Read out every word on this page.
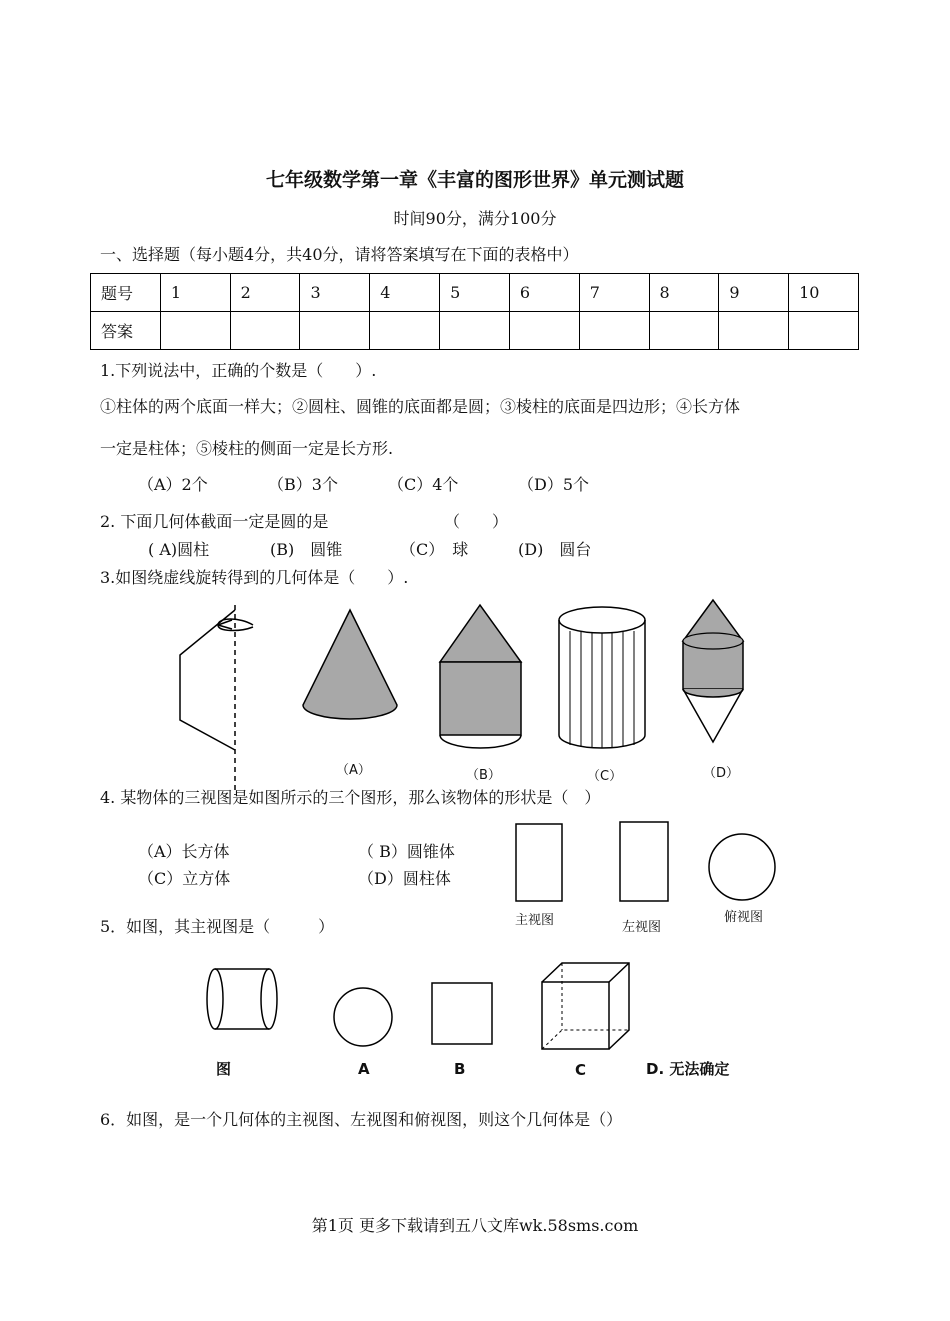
七年级数学第一章《丰富的图形世界》单元测试题
时间90分，满分100分
一、选择题（每小题4分，共40分，请将答案填写在下面的表格中）
题号	1	2	3	4	5	6	7	8	9	10
答案										
1.下列说法中，正确的个数是（　　）.
①柱体的两个底面一样大；②圆柱、圆锥的底面都是圆；③棱柱的底面是四边形；④长方体
一定是柱体；⑤棱柱的侧面一定是长方形.
（A）2个	（B）3个	（C）4个	（D）5个
2. 下面几何体截面一定是圆的是	（　　）
( A)圆柱	(B)　圆锥	（C）　球	(D)　圆台
3.如图绕虚线旋转得到的几何体是（　　）.
（A）	（B）	（C）	（D）
4. 某物体的三视图是如图所示的三个图形，那么该物体的形状是（　）
（A）长方体	（ B）圆锥体
（C）立方体	（D）圆柱体
主视图	左视图
俯视图
5．如图，其主视图是（　　　）
图	A	B	C	D. 无法确定
6．如图，是一个几何体的主视图、左视图和俯视图，则这个几何体是（）
第1页 更多下载请到五八文库wk.58sms.com
